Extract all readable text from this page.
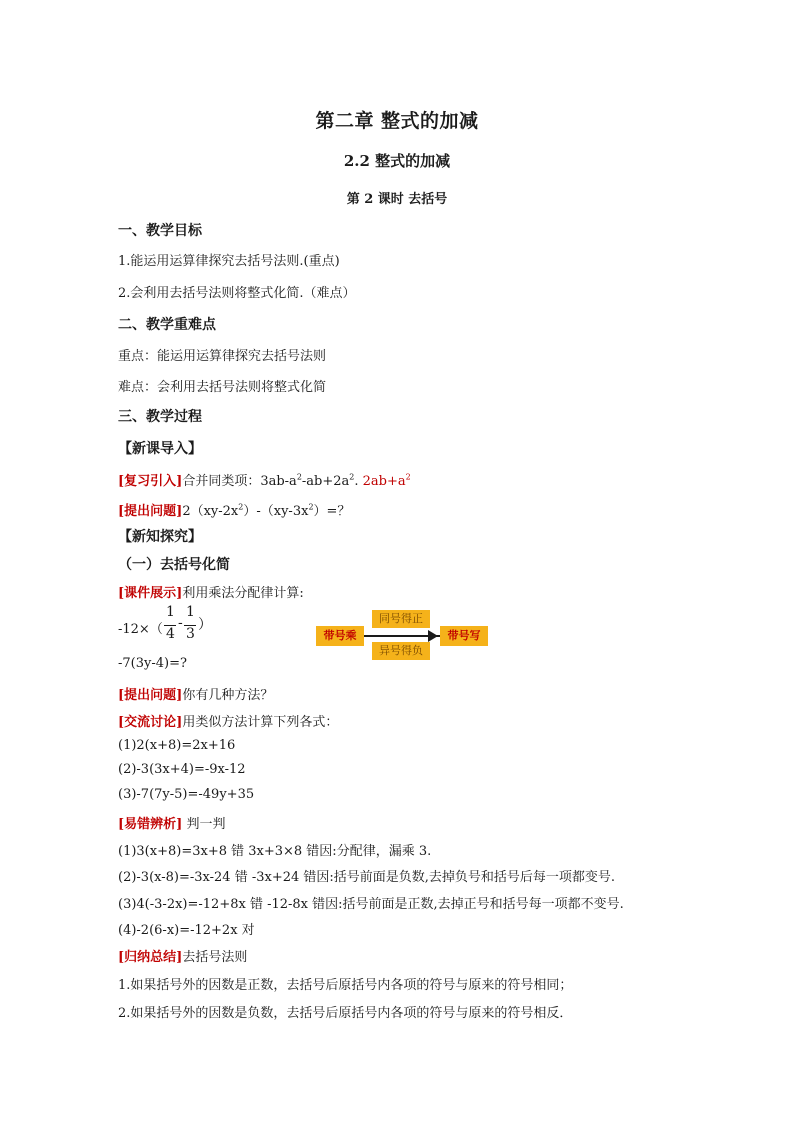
第二章 整式的加减
2.2 整式的加减
第 2 课时 去括号
一、教学目标
1.能运用运算律探究去括号法则.(重点)
2.会利用去括号法则将整式化简.（难点）
二、教学重难点
重点：能运用运算律探究去括号法则
难点：会利用去括号法则将整式化简
三、教学过程
【新课导入】
[复习引入]合并同类项：$3ab-a^2-ab+2a^2$. $2ab+a^2$
[提出问题]$2(xy-2x^2)-(xy-3x^2)=$？
【新知探究】
（一）去括号化简
[课件展示]利用乘法分配律计算:
-12×（
1
4
-
1
3
）
带号乘
同号得正
异号得负
带号写
-7(3y-4)=?
[提出问题]你有几种方法？
[交流讨论]用类似方法计算下列各式：
(1)2(x+8)=2x+16
(2)-3(3x+4)=-9x-12
(3)-7(7y-5)=-49y+35
[易错辨析] 判一判
(1)3(x+8)=3x+8 错 3x+3×8 错因:分配律，漏乘 3.
(2)-3(x-8)=-3x-24 错 -3x+24 错因:括号前面是负数,去掉负号和括号后每一项都变号.
(3)4(-3-2x)=-12+8x 错 -12-8x 错因:括号前面是正数,去掉正号和括号每一项都不变号.
(4)-2(6-x)=-12+2x 对
[归纳总结]去括号法则
1.如果括号外的因数是正数，去括号后原括号内各项的符号与原来的符号相同；
2.如果括号外的因数是负数，去括号后原括号内各项的符号与原来的符号相反．
